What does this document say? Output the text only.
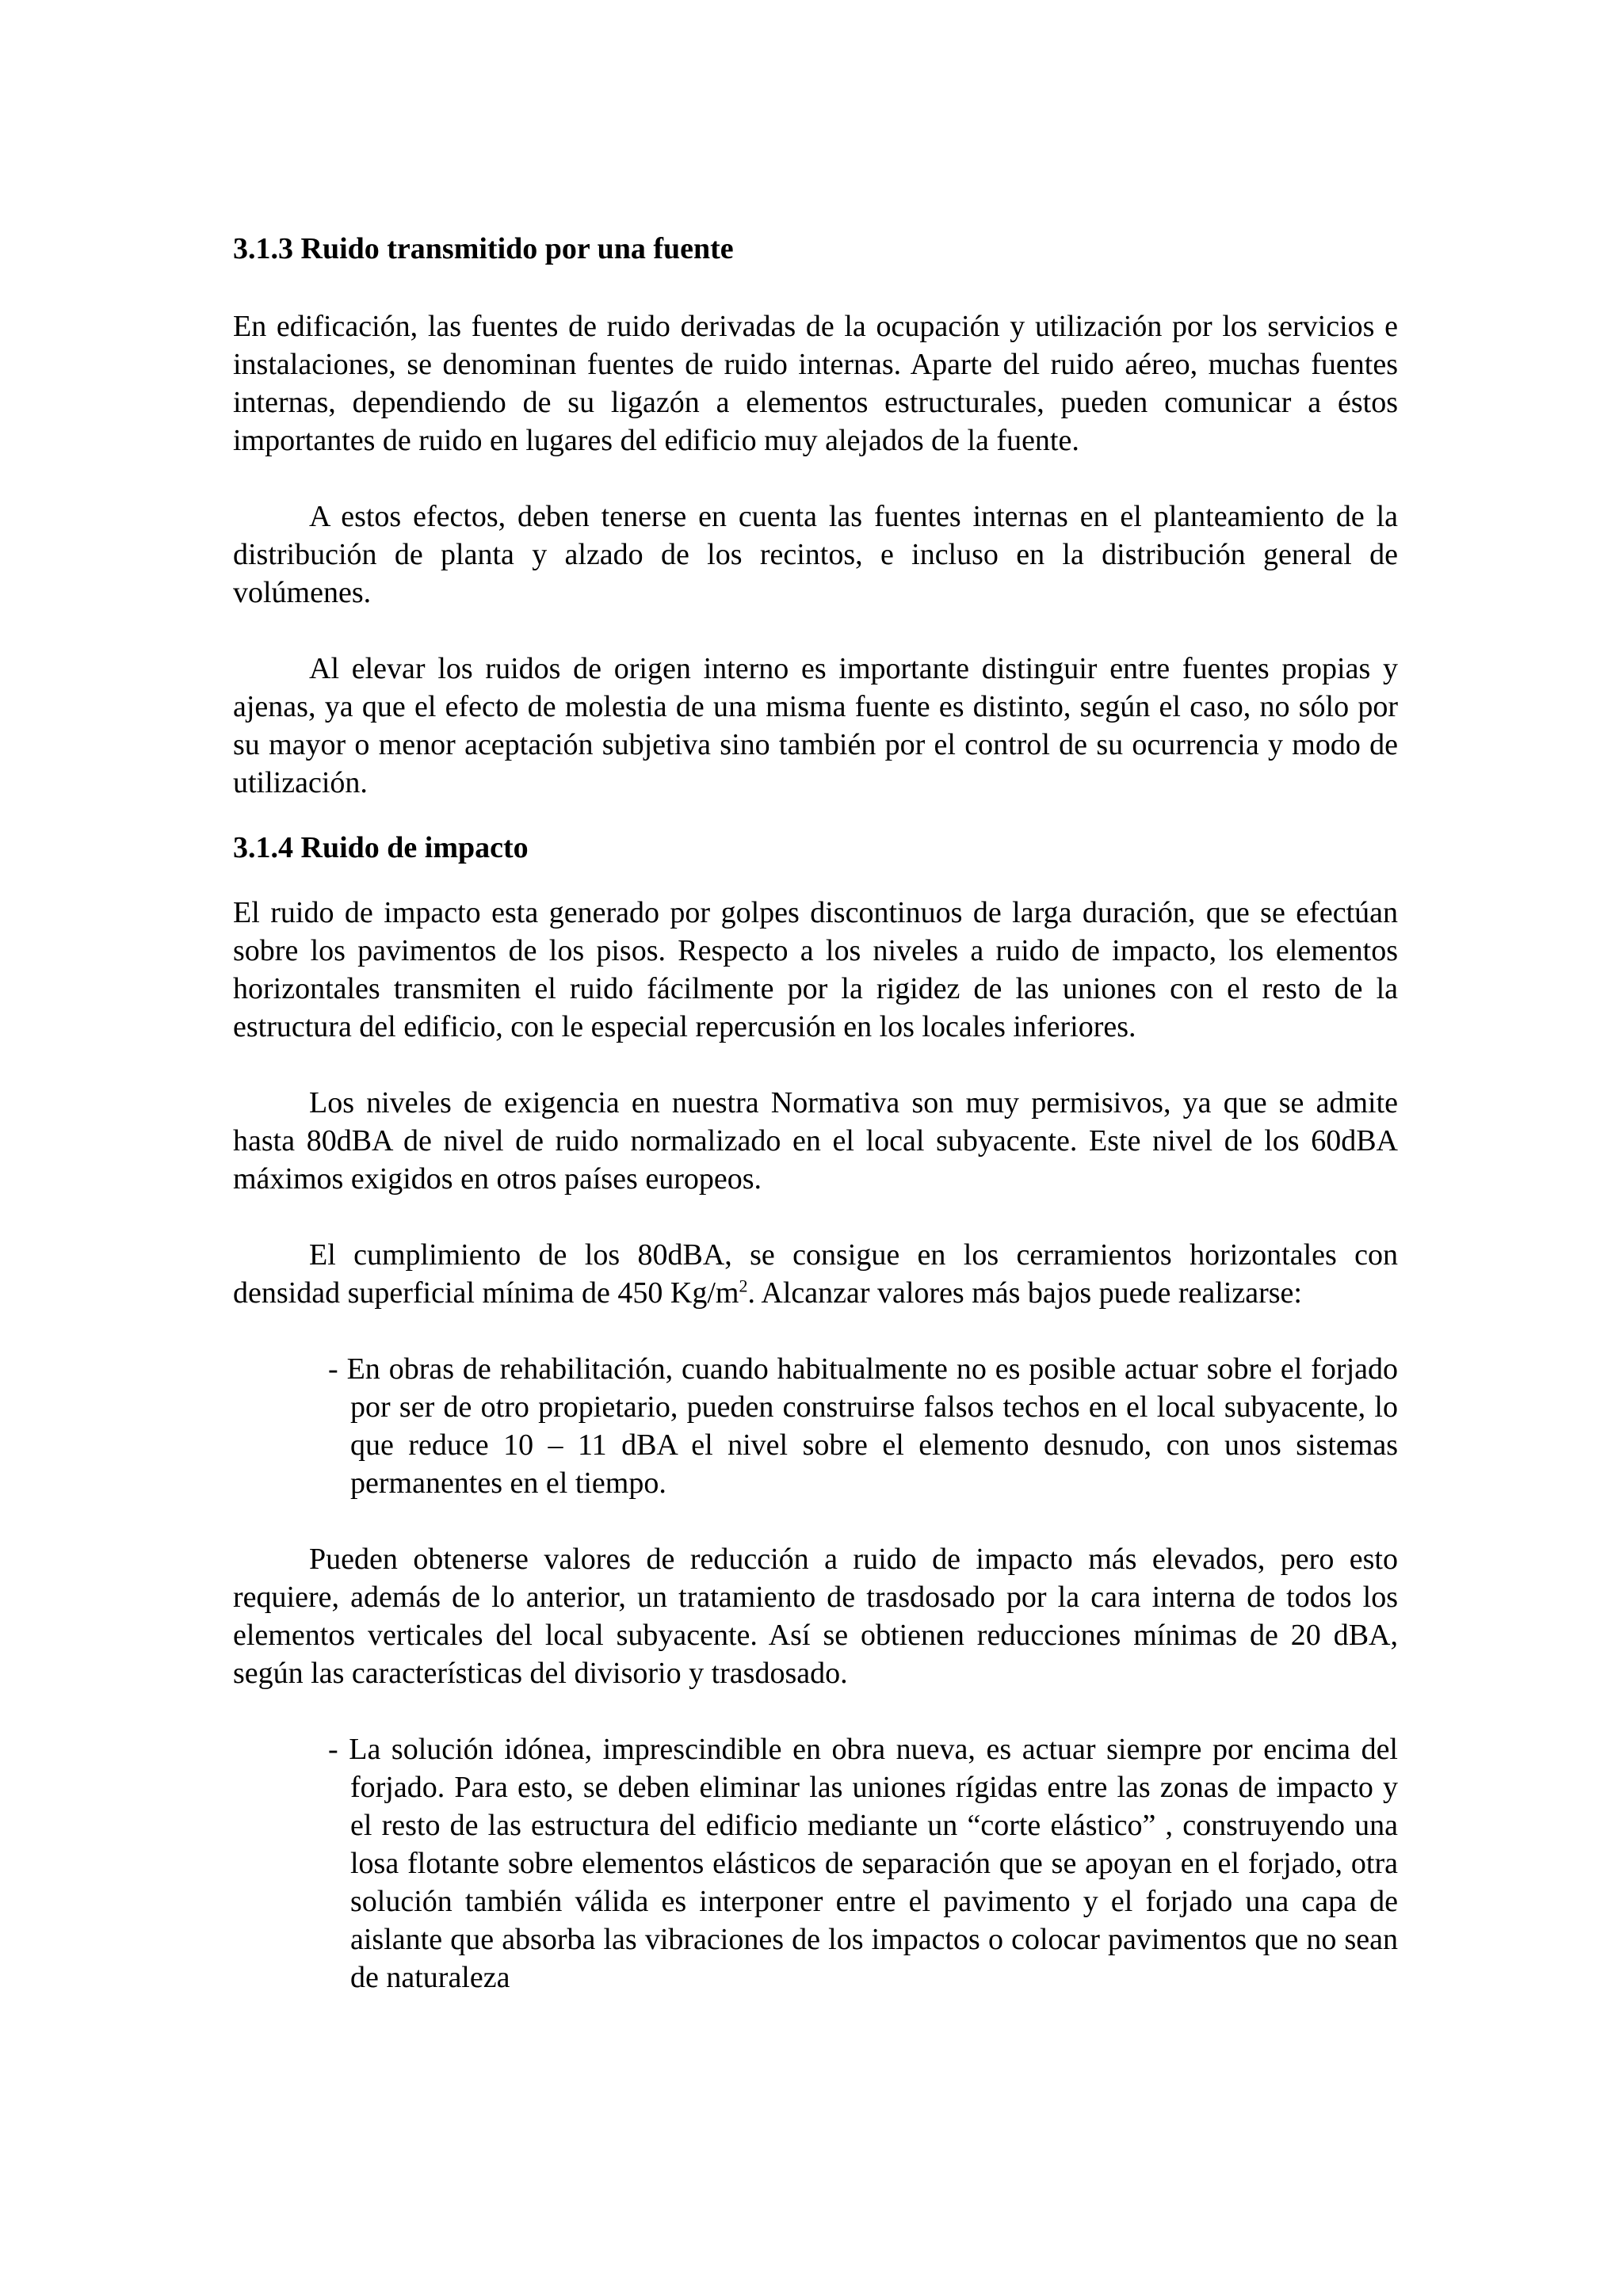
3.1.3 Ruido transmitido por una fuente

En edificación, las fuentes de ruido derivadas de la ocupación y utilización por los servicios e instalaciones, se denominan fuentes de ruido internas. Aparte del ruido aéreo, muchas fuentes internas, dependiendo de su ligazón a elementos estructurales, pueden comunicar a éstos importantes de ruido en lugares del edificio muy alejados de la fuente.

A estos efectos, deben tenerse en cuenta las fuentes internas en el planteamiento de la distribución de planta y alzado de los recintos, e incluso en la distribución general de volúmenes.

Al elevar los ruidos de origen interno es importante distinguir entre fuentes propias y ajenas, ya que el efecto de molestia de una misma fuente es distinto, según el caso, no sólo por su mayor o menor aceptación subjetiva sino también por el control de su ocurrencia y modo de utilización.

3.1.4 Ruido de impacto

El ruido de impacto esta generado por golpes discontinuos de larga duración, que se efectúan sobre los pavimentos de los pisos. Respecto a los niveles a ruido de impacto, los elementos horizontales transmiten el ruido fácilmente por la rigidez de las uniones con el resto de la estructura del edificio, con le especial repercusión en los locales inferiores.

Los niveles de exigencia en nuestra Normativa son muy permisivos, ya que se admite hasta 80dBA de nivel de ruido normalizado en el local subyacente. Este nivel de los 60dBA máximos exigidos en otros países europeos.

El cumplimiento de los 80dBA, se consigue en los cerramientos horizontales con densidad superficial mínima de 450 $Kg/m^2$. Alcanzar valores más bajos puede realizarse:

- En obras de rehabilitación, cuando habitualmente no es posible actuar sobre el forjado por ser de otro propietario, pueden construirse falsos techos en el local subyacente, lo que reduce 10 – 11 dBA el nivel sobre el elemento desnudo, con unos sistemas permanentes en el tiempo.

Pueden obtenerse valores de reducción a ruido de impacto más elevados, pero esto requiere, además de lo anterior, un tratamiento de trasdosado por la cara interna de todos los elementos verticales del local subyacente. Así se obtienen reducciones mínimas de 20 dBA, según las características del divisorio y trasdosado.

- La solución idónea, imprescindible en obra nueva, es actuar siempre por encima del forjado. Para esto, se deben eliminar las uniones rígidas entre las zonas de impacto y el resto de las estructura del edificio mediante un “corte elástico” , construyendo una losa flotante sobre elementos elásticos de separación que se apoyan en el forjado, otra solución también válida es interponer entre el pavimento y el forjado una capa de aislante que absorba las vibraciones de los impactos o colocar pavimentos que no sean de naturaleza
